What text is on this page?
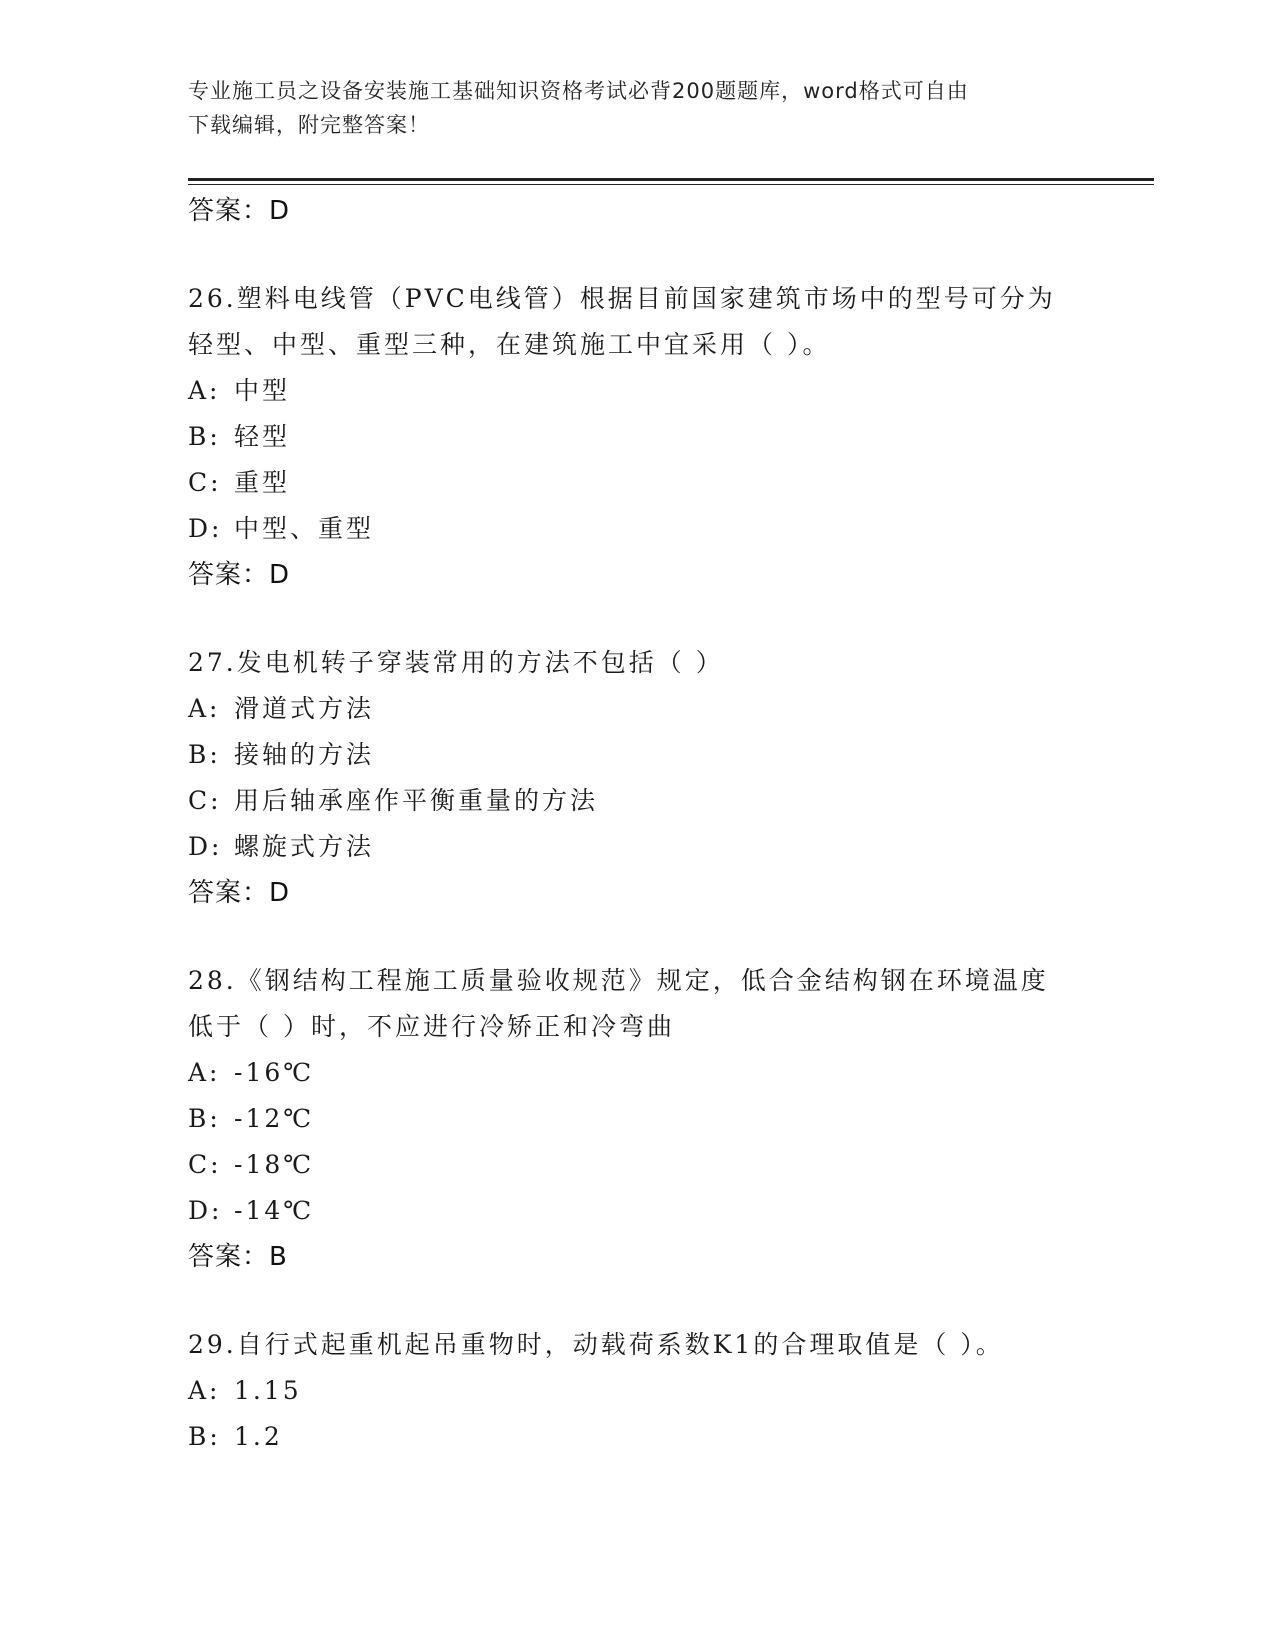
专业施工员之设备安装施工基础知识资格考试必背200题题库，word格式可自由
下载编辑，附完整答案！
答案：D
26.塑料电线管（PVC电线管）根据目前国家建筑市场中的型号可分为
轻型、中型、重型三种，在建筑施工中宜采用（ ）。
A: 中型
B: 轻型
C: 重型
D: 中型、重型
答案：D
27.发电机转子穿装常用的方法不包括（ ）
A: 滑道式方法
B: 接轴的方法
C: 用后轴承座作平衡重量的方法
D: 螺旋式方法
答案：D
28.《钢结构工程施工质量验收规范》规定，低合金结构钢在环境温度
低于（ ）时，不应进行冷矫正和冷弯曲
A: -16℃
B: -12℃
C: -18℃
D: -14℃
答案：B
29.自行式起重机起吊重物时，动载荷系数K1的合理取值是（ ）。
A: 1.15
B: 1.2
